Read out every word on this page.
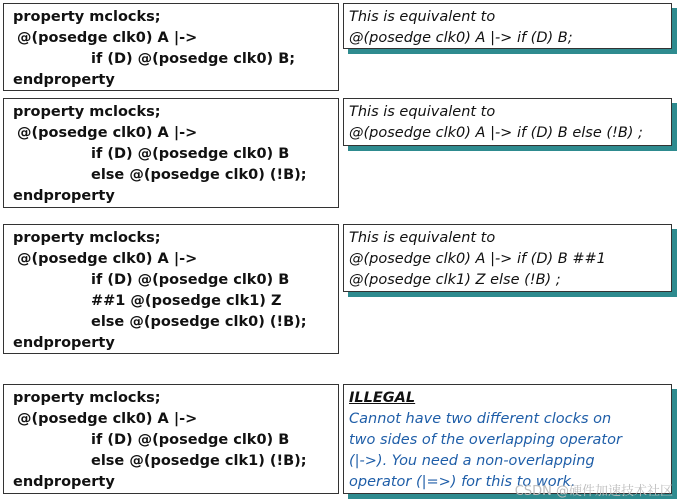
property mclocks;
@(posedge clk0) A |->
if (D) @(posedge clk0) B;
endproperty
This is equivalent to
@(posedge clk0) A |-> if (D) B;
property mclocks;
@(posedge clk0) A |->
if (D) @(posedge clk0) B
else @(posedge clk0) (!B);
endproperty
This is equivalent to
@(posedge clk0) A |-> if (D) B else (!B) ;
property mclocks;
@(posedge clk0) A |->
if (D) @(posedge clk0) B
##1 @(posedge clk1) Z
else @(posedge clk0) (!B);
endproperty
This is equivalent to
@(posedge clk0) A |-> if (D) B ##1
@(posedge clk1) Z else (!B) ;
property mclocks;
@(posedge clk0) A |->
if (D) @(posedge clk0) B
else @(posedge clk1) (!B);
endproperty
ILLEGAL
Cannot have two different clocks on
two sides of the overlapping operator
(|->). You need a non-overlapping
operator (|=>) for this to work.
CSDN @硬件加速技术社区
